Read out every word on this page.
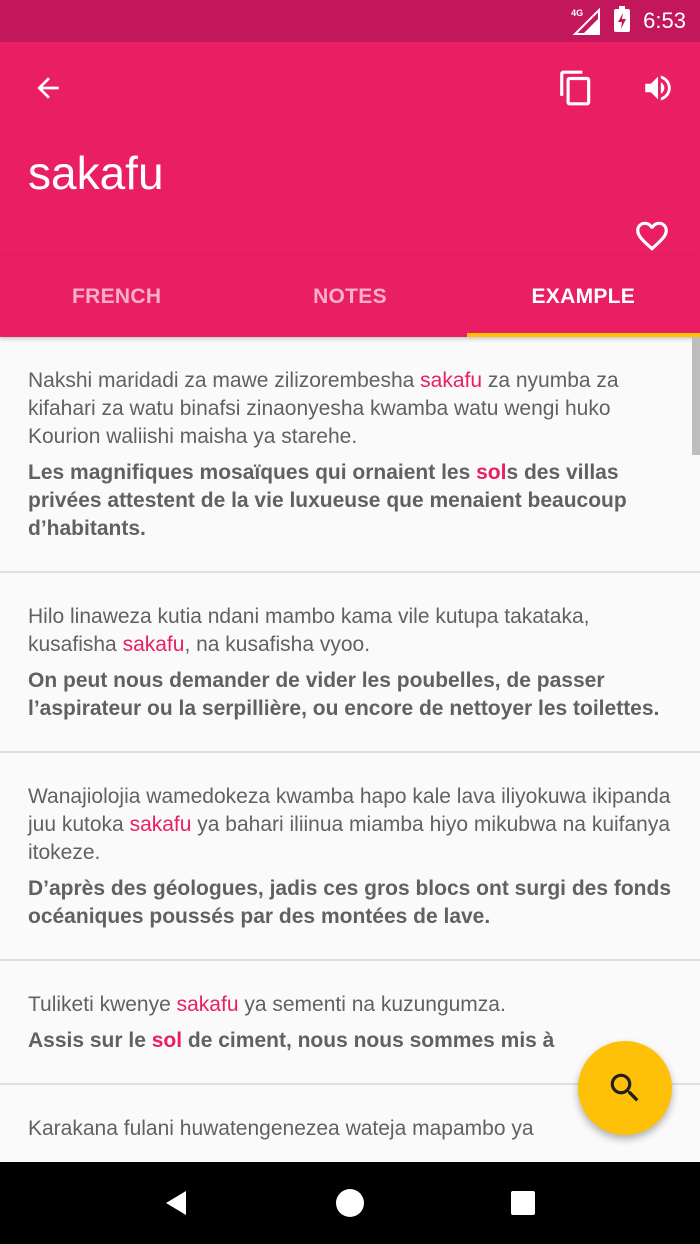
4G	6:53
sakafu
FRENCH	NOTES	EXAMPLE

Nakshi maridadi za mawe zilizorembesha sakafu za nyumba za kifahari za watu binafsi zinaonyesha kwamba watu wengi huko Kourion waliishi maisha ya starehe.

Les magnifiques mosaïques qui ornaient les sols des villas privées attestent de la vie luxueuse que menaient beaucoup d’habitants.

Hilo linaweza kutia ndani mambo kama vile kutupa takataka, kusafisha sakafu, na kusafisha vyoo.

On peut nous demander de vider les poubelles, de passer l’aspirateur ou la serpillière, ou encore de nettoyer les toilettes.

Wanajiolojia wamedokeza kwamba hapo kale lava iliyokuwa ikipanda juu kutoka sakafu ya bahari iliinua miamba hiyo mikubwa na kuifanya itokeze.

D’après des géologues, jadis ces gros blocs ont surgi des fonds océaniques poussés par des montées de lave.

Tuliketi kwenye sakafu ya sementi na kuzungumza.

Assis sur le sol de ciment, nous nous sommes mis à

Karakana fulani huwatengenezea wateja mapambo ya
